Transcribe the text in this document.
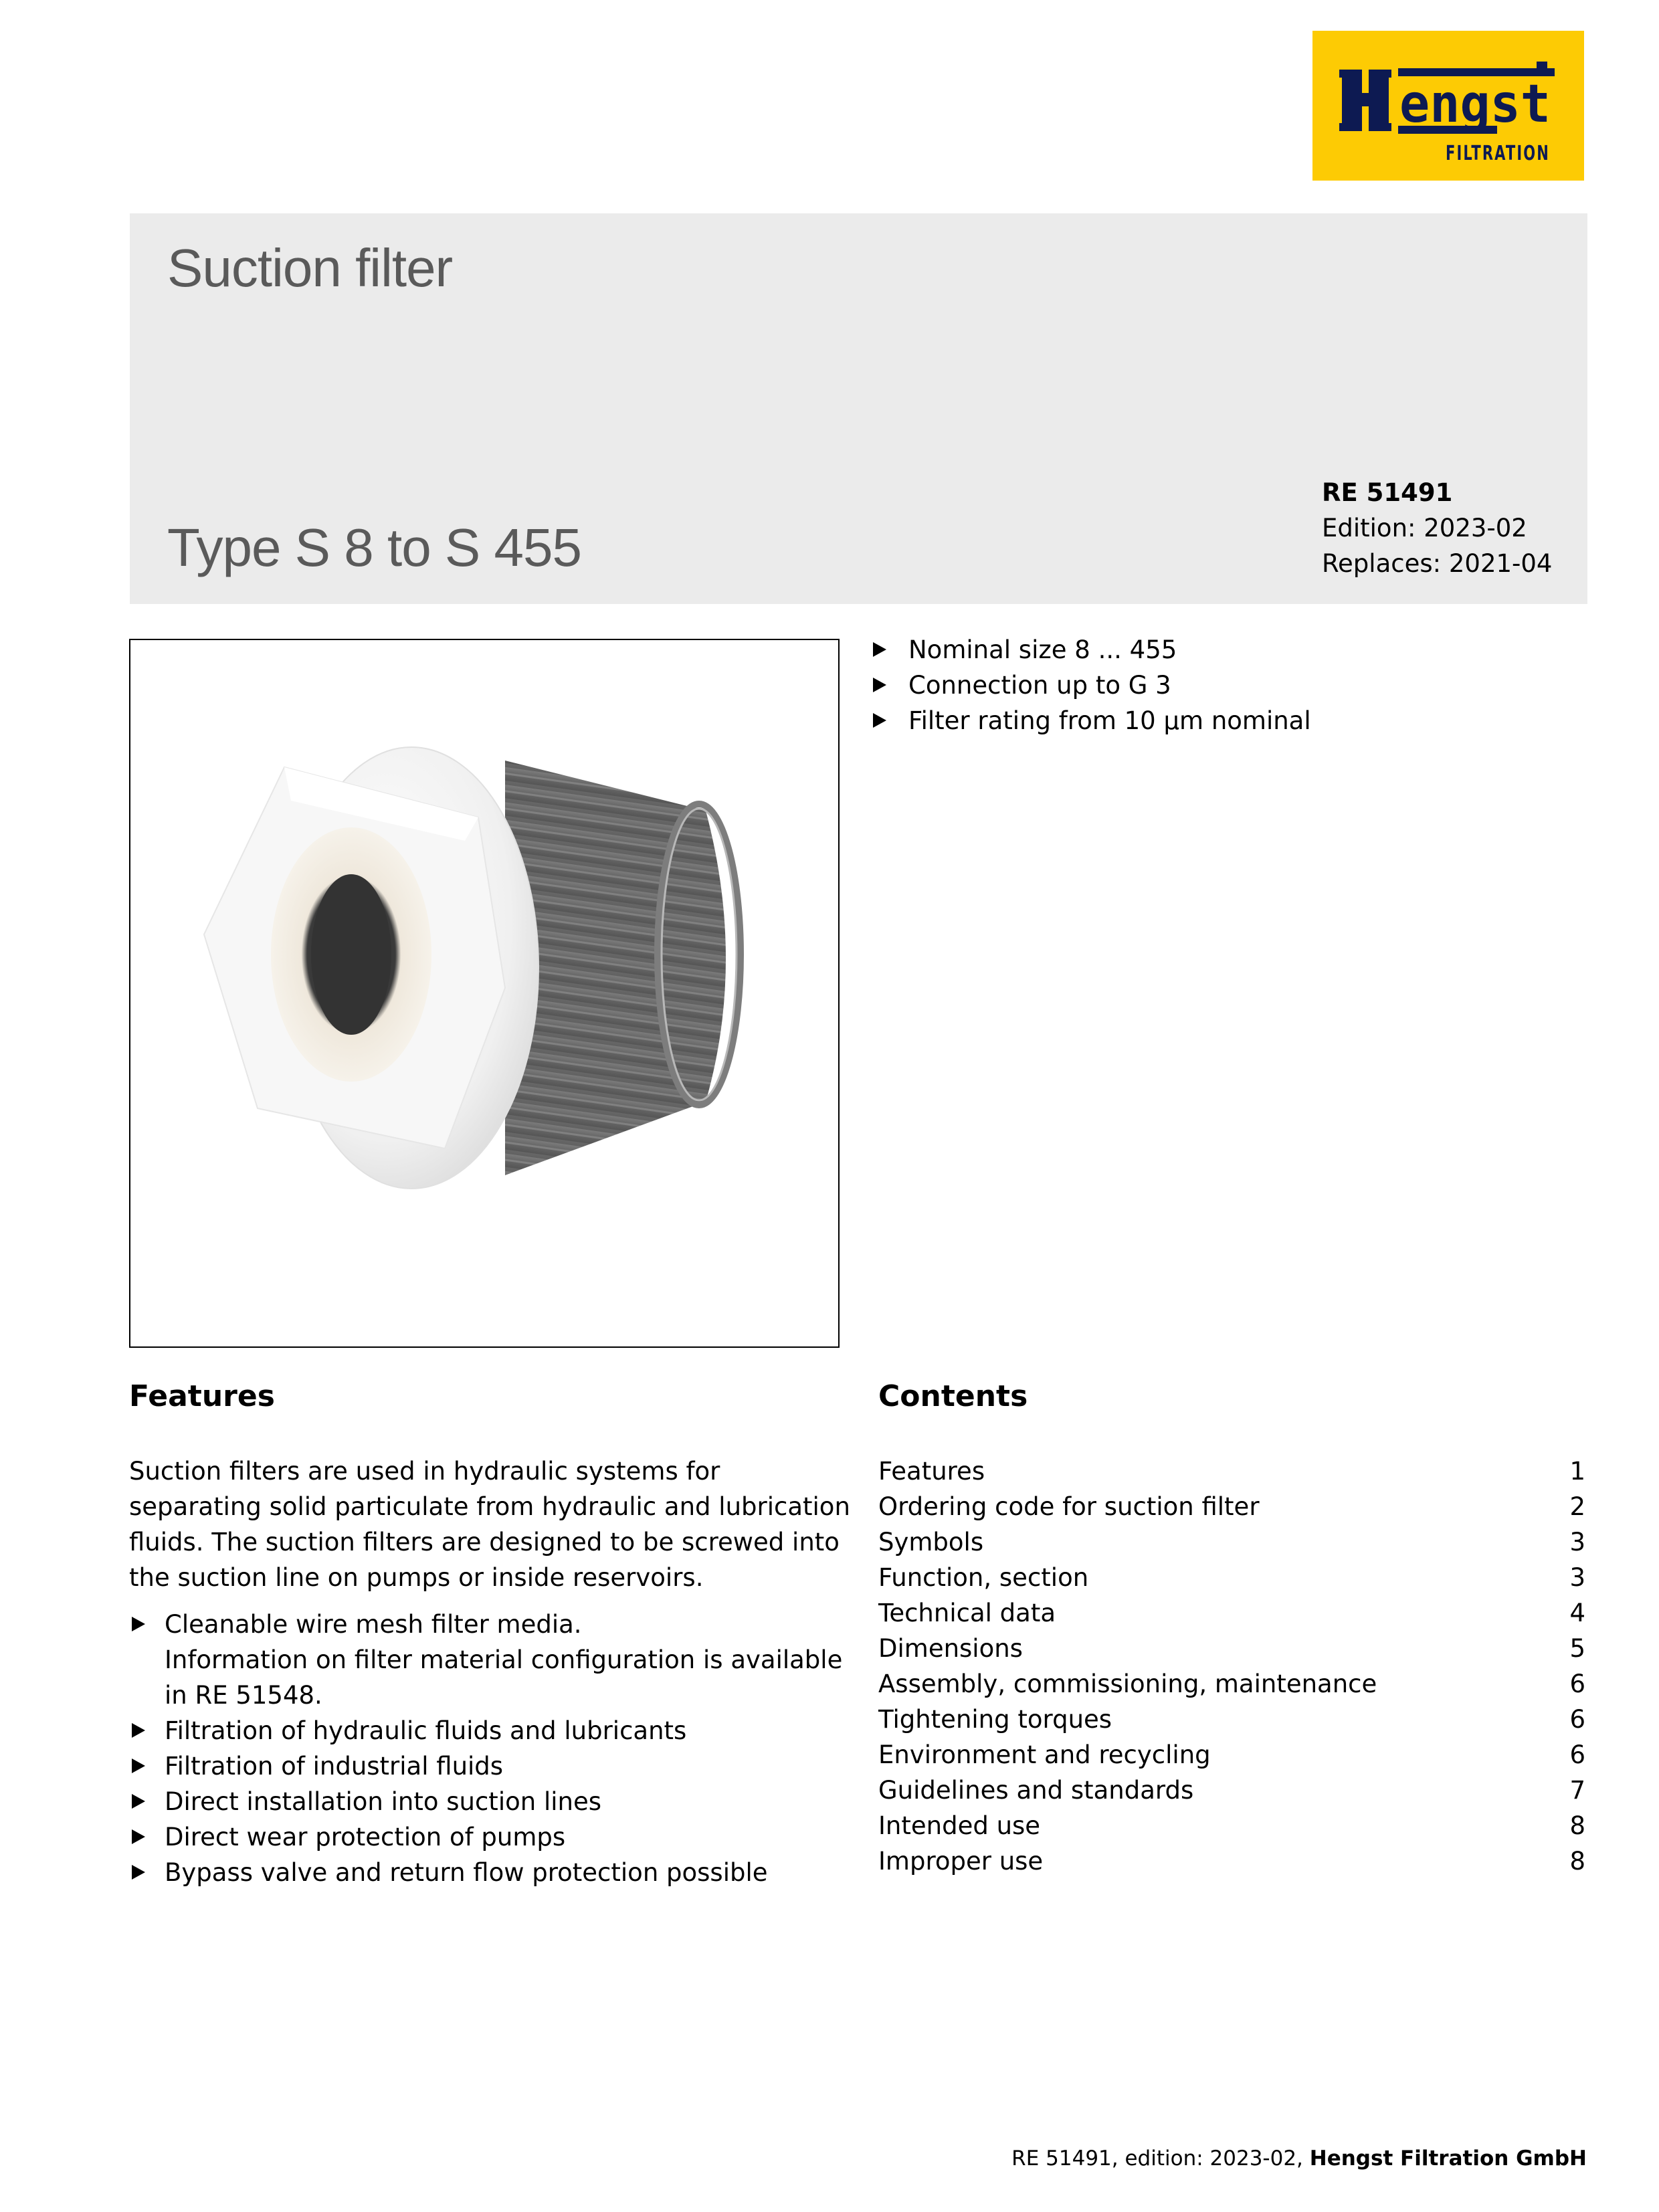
engst
FILTRATION
Suction filter
Type S 8 to S 455
RE 51491
Edition: 2023-02
Replaces: 2021-04
Nominal size 8 ... 455
Connection up to G 3
Filter rating from 10 µm nominal
Features

Suction filters are used in hydraulic systems for separating solid particulate from hydraulic and lubrication fluids. The suction filters are designed to be screwed into the suction line on pumps or inside reservoirs.

Cleanable wire mesh filter media.
Information on filter material configuration is available in RE 51548.
Filtration of hydraulic fluids and lubricants
Filtration of industrial fluids
Direct installation into suction lines
Direct wear protection of pumps
Bypass valve and return flow protection possible
Contents
Features	1
Ordering code for suction filter	2
Symbols	3
Function, section	3
Technical data	4
Dimensions	5
Assembly, commissioning, maintenance	6
Tightening torques	6
Environment and recycling	6
Guidelines and standards	7
Intended use	8
Improper use	8
RE 51491, edition: 2023-02, Hengst Filtration GmbH
